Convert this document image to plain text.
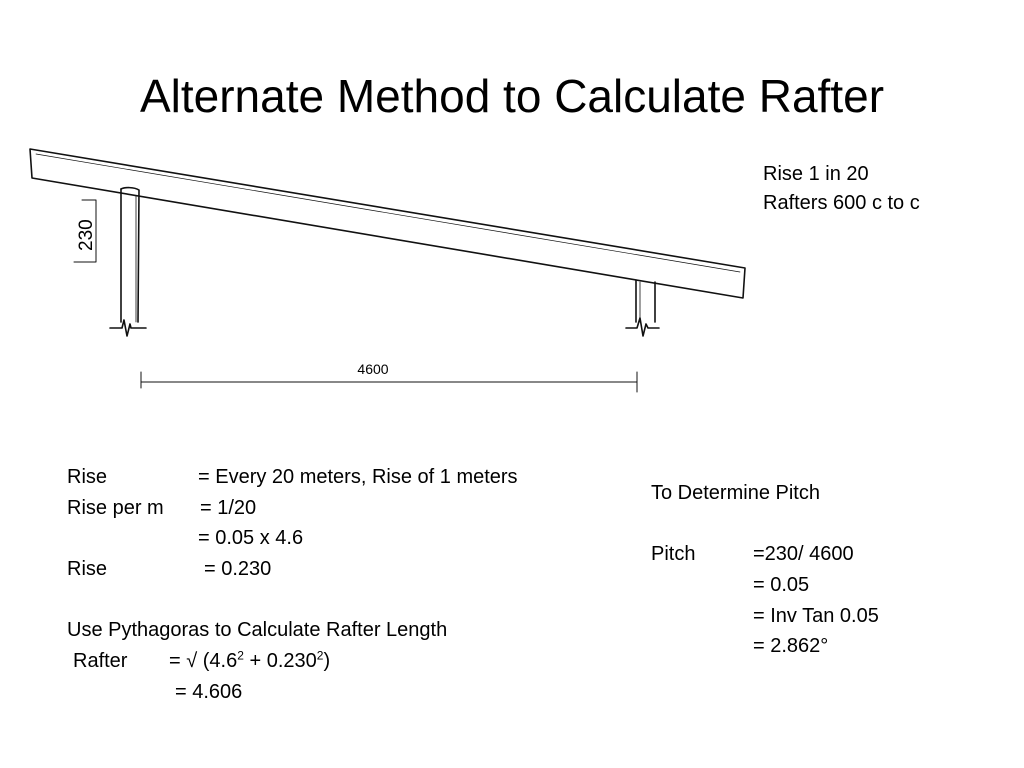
Alternate Method to Calculate Rafter
Rise 1 in 20
Rafters 600 c to c
230
4600
Rise	= Every 20 meters, Rise of 1 meters
Rise per m = 1/20
= 0.05 x 4.6
Rise	= 0.230
Use Pythagoras to Calculate Rafter Length
Rafter = √ $(4.6^2 + 0.230^2)$
= 4.606
To Determine Pitch
Pitch	=230/ 4600
= 0.05
= Inv Tan 0.05
= 2.862°
